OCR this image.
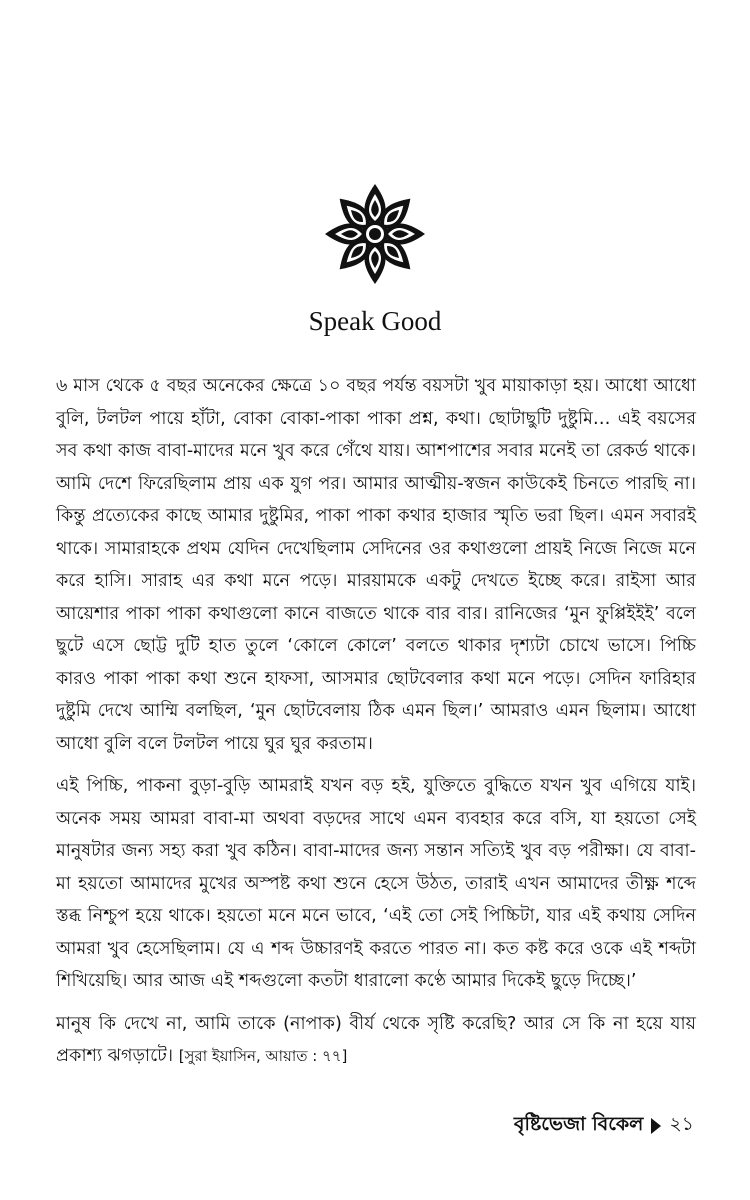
Speak Good

৬ মাস থেকে ৫ বছর অনেকের ক্ষেত্রে ১০ বছর পর্যন্ত বয়সটা খুব মায়াকাড়া হয়। আধো আধো বুলি, টলটল পায়ে হাঁটা, বোকা বোকা-পাকা পাকা প্রশ্ন, কথা। ছোটাছুটি দুষ্টুমি… এই বয়সের সব কথা কাজ বাবা-মাদের মনে খুব করে গেঁথে যায়। আশপাশের সবার মনেই তা রেকর্ড থাকে। আমি দেশে ফিরেছিলাম প্রায় এক যুগ পর। আমার আত্মীয়-স্বজন কাউকেই চিনতে পারছি না। কিন্তু প্রত্যেকের কাছে আমার দুষ্টুমির, পাকা পাকা কথার হাজার স্মৃতি ভরা ছিল। এমন সবারই থাকে। সামারাহকে প্রথম যেদিন দেখেছিলাম সেদিনের ওর কথাগুলো প্রায়ই নিজে নিজে মনে করে হাসি। সারাহ এর কথা মনে পড়ে। মারয়ামকে একটু দেখতে ইচ্ছে করে। রাইসা আর আয়েশার পাকা পাকা কথাগুলো কানে বাজতে থাকে বার বার। রানিজের ‘মুন ফুপ্পিইইই’ বলে ছুটে এসে ছোট্ট দুটি হাত তুলে ‘কোলে কোলে’ বলতে থাকার দৃশ্যটা চোখে ভাসে। পিচ্চি কারও পাকা পাকা কথা শুনে হাফসা, আসমার ছোটবেলার কথা মনে পড়ে। সেদিন ফারিহার দুষ্টুমি দেখে আম্মি বলছিল, ‘মুন ছোটবেলায় ঠিক এমন ছিল।’ আমরাও এমন ছিলাম। আধো আধো বুলি বলে টলটল পায়ে ঘুর ঘুর করতাম।

এই পিচ্চি, পাকনা বুড়া-বুড়ি আমরাই যখন বড় হই, যুক্তিতে বুদ্ধিতে যখন খুব এগিয়ে যাই। অনেক সময় আমরা বাবা-মা অথবা বড়দের সাথে এমন ব্যবহার করে বসি, যা হয়তো সেই মানুষটার জন্য সহ্য করা খুব কঠিন। বাবা-মাদের জন্য সন্তান সত্যিই খুব বড় পরীক্ষা। যে বাবা-মা হয়তো আমাদের মুখের অস্পষ্ট কথা শুনে হেসে উঠত, তারাই এখন আমাদের তীক্ষ্ণ শব্দে স্তব্ধ নিশ্চুপ হয়ে থাকে। হয়তো মনে মনে ভাবে, ‘এই তো সেই পিচ্চিটা, যার এই কথায় সেদিন আমরা খুব হেসেছিলাম। যে এ শব্দ উচ্চারণই করতে পারত না। কত কষ্ট করে ওকে এই শব্দটা শিখিয়েছি। আর আজ এই শব্দগুলো কতটা ধারালো কণ্ঠে আমার দিকেই ছুড়ে দিচ্ছে।’

মানুষ কি দেখে না, আমি তাকে (নাপাক) বীর্য থেকে সৃষ্টি করেছি? আর সে কি না হয়ে যায় প্রকাশ্য ঝগড়াটে। [সুরা ইয়াসিন, আয়াত : ৭৭]

বৃষ্টিভেজা বিকেল ২১
